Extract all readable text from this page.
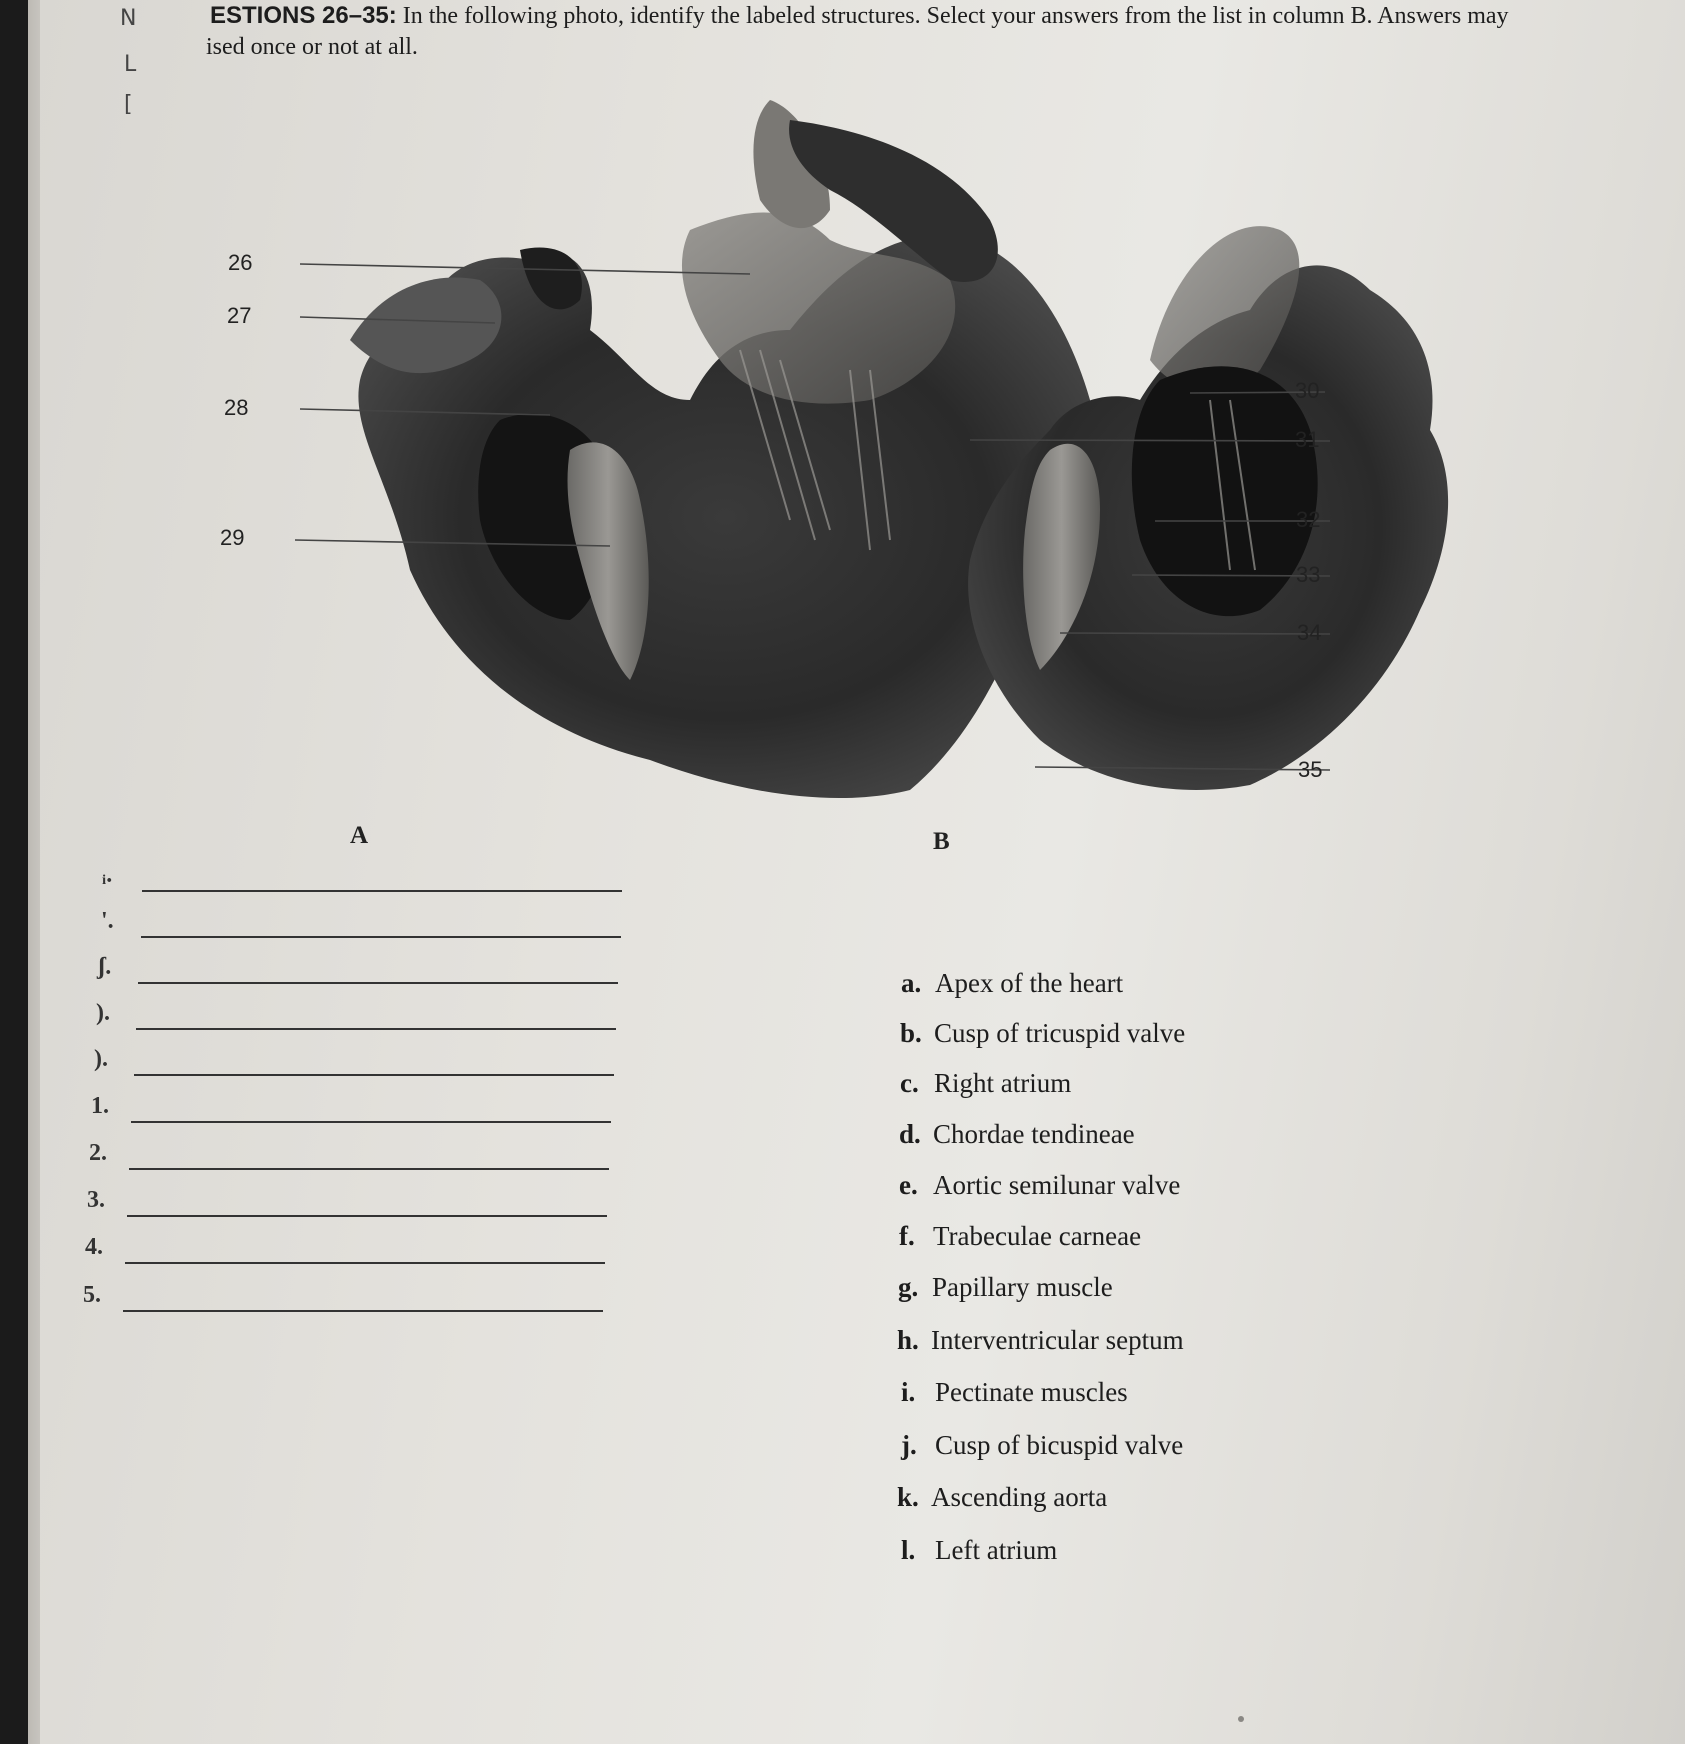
N
L
[
ESTIONS 26–35: In the following photo, identify the labeled structures. Select your answers from the list in column B. Answers may
ised once or not at all.
26
27
28
29
30
31
32
33
34
35
A	B
ᵢ.
'.
ʃ.
).
).
1.
2.
3.
4.
5.
a. Apex of the heart
b. Cusp of tricuspid valve
c. Right atrium
d. Chordae tendineae
e. Aortic semilunar valve
f. Trabeculae carneae
g. Papillary muscle
h. Interventricular septum
i. Pectinate muscles
j. Cusp of bicuspid valve
k. Ascending aorta
l. Left atrium
